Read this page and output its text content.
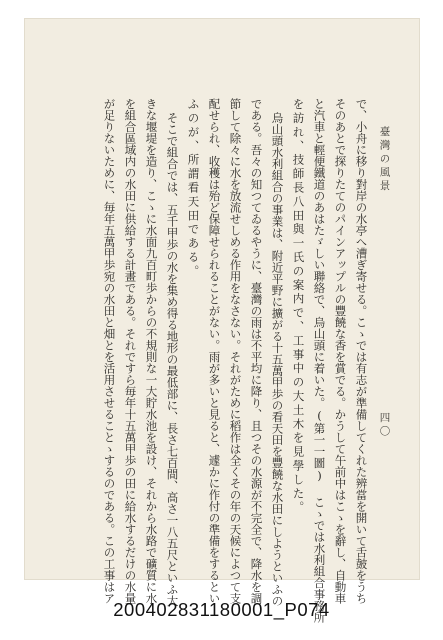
臺灣の風景
四〇
で、小舟に移り對岸の水亭へ漕ぎ寄せる。こゝでは有志が準備してくれた辨當を開いて舌皷をうち
そのあとで探りたてのパインアップルの豐饒な香を賞でる。かうして午前中はこゝを辭し、自動車
と汽車と輕便鐵道のあはたゞしい聯絡で、烏山頭に着いた。(第一一圖) こゝでは水利組合事務所
を訪れ、技師長八田與一氏の案内で、工事中の大土木を見學した。
烏山頭水利組合の事業は、附近平野に擴がる十五萬甲歩の看天田を豐饒な水田にしようといふの
である。吾々の知つてゐるやうに、臺灣の雨は不平均に降り、且つその水源が不完全で、降水を調
節して除々に水を放流せしめる作用をなさない。それがために稻作は全くその年の天候によつて支
配せられ、收穫は殆ど保障せられることがない。雨が多いと見ると、遽かに作付の準備をするとい
ふのが、所謂看天田である。
そこで組合では、五千甲歩の水を集め得る地形の最低部に、長さ七百間、高さ一八五尺といふ大
きな堰堤を造り、こゝに水面九百町歩からの不規則な一大貯水池を設け、それから水路で礦質に水
を組合區域内の水田に供給する計畫である。それですら毎年十五萬甲歩の田に給水するだけの水量
が足りないために、毎年五萬甲歩宛の水田と畑とを活用させることゝするのである。この工事はア
200402831180001_P074
